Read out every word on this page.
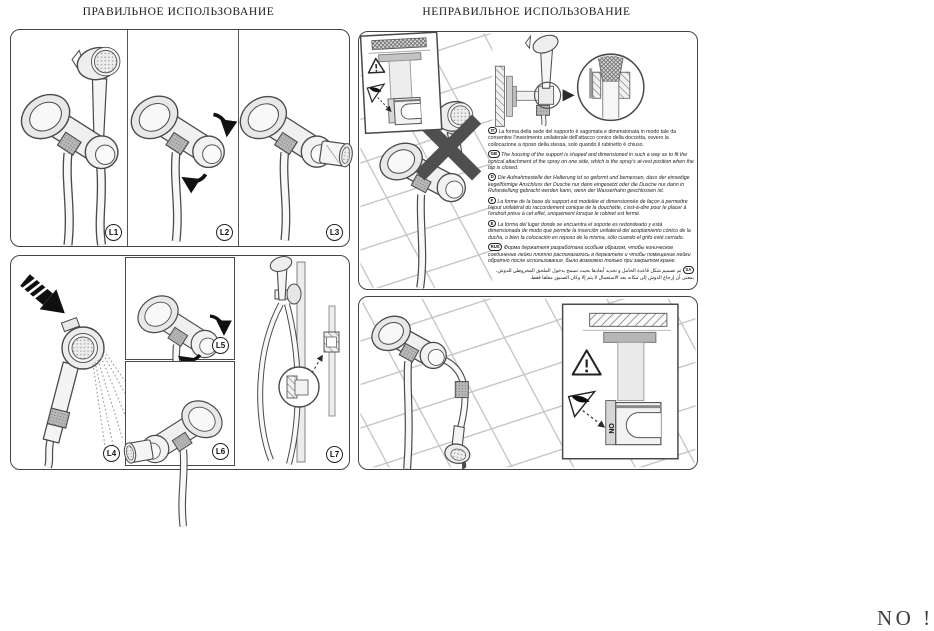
ПРАВИЛЬНОЕ ИСПОЛЬЗОВАНИЕ	НЕПРАВИЛЬНОЕ ИСПОЛЬЗОВАНИЕ
L1	L2	L3
L4
L5
L6	L7

IT La forma della sede del supporto è sagomata e dimensionata in modo tale da consentire l'inserimento unilaterale dell'attacco conico della doccetta, ovvero la collocazione a riposo della stessa, solo quando il rubinetto è chiuso.

GB The housing of the support is shaped and dimensioned in such a way as to fit the conical attachment of the spray on one side, which is the spray's at-rest position when the tap is closed.

D Die Aufnahmestelle der Halterung ist so geformt und bemessen, dass der einseitige kegelförmige Anschluss der Dusche nur dann eingesetzt oder die Dusche nur dann in Ruhestellung gebracht werden kann, wenn der Wasserhahn geschlossen ist.

F La forme de la base du support est modelée et dimensionnée de façon à permettre l'ajout unilatéral du raccordement conique de la douchette, c'est-à-dire pour le placer à l'endroit prévu à cet effet, uniquement lorsque le robinet est fermé.

E La forma del lugar donde se encuentra el soporte es redondeado y está dimensionada de modo que permite la inserción unilateral del acoplamiento cónico de la ducha, o bien la colocación en reposo de la misma, sólo cuando el grifo esté cerrado.

RUS Форма держателя разработана особым образом, чтобы коническое соединение лейки плотно располагалось в держателе и чтобы помещение лейки обратно после использования, было возможно только при закрытом кране.

SAتم تصميم شكل قاعدة الحامل و تحديد أبعادها بحيث تسمح بدخول الملحق المخروطي للدوش، بمعنى أن إرجاع الدوش إلى مكانه بعد الاستعمال لا يتم إلا وكان الصنبور مغلقا فقط.

NO
NO !
